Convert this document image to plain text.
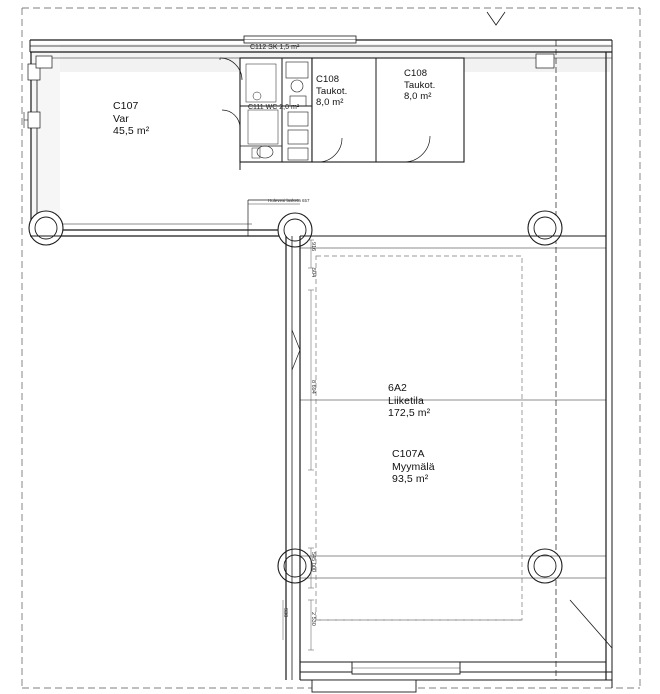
C107
Var
45,5 m²
C112 SK 1,5 m²
C111 WC 2,0 m²
C108
Taukot.
8,0 m²
C108
Taukot.
8,0 m²
6A2
Liiketila
172,5 m²
C107A
Myymälä
93,5 m²
Hulevesi lasketu 657
916
8 694
545 000
2 530
930
504
